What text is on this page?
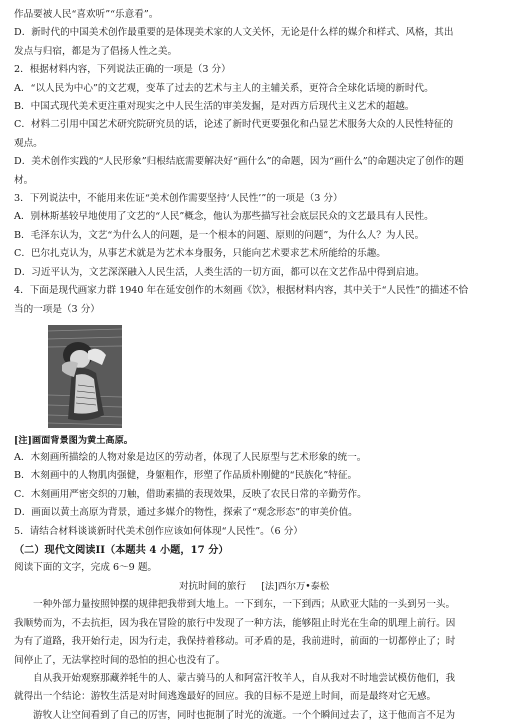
作品要被人民“喜欢听”“乐意看”。
D．新时代的中国美术创作最重要的是体现美术家的人文关怀，无论是什么样的媒介和样式、风格，其出
发点与归宿，都是为了倡扬人性之美。
2．根据材料内容，下列说法正确的一项是（3 分）
A．“以人民为中心”的文艺观，变革了过去的艺术与主人的主辅关系，更符合全球化话境的新时代。
B．中国式现代美术更注重对现实之中人民生活的审美发掘，是对西方后现代主义艺术的超越。
C．材料二引用中国艺术研究院研究员的话，论述了新时代更要强化和凸显艺术服务大众的人民性特征的
观点。
D．美术创作实践的“人民形象”归根结底需要解决好“画什么”的命题，因为“画什么”的命题决定了创作的题
材。
3．下列说法中，不能用来佐证“美术创作需要坚持‘人民性’”的一项是（3 分）
A．别林斯基较早地使用了文艺的“人民”概念，他认为那些描写社会底层民众的文艺最具有人民性。
B．毛泽东认为，文艺“为什么人的问题，是一个根本的问题、原则的问题”，为什么人？为人民。
C．巴尔扎克认为，从事艺术就是为艺术本身服务，只能向艺术要求艺术所能给的乐趣。
D．习近平认为，文艺深深融入人民生活，人类生活的一切方面，都可以在文艺作品中得到启迪。
4．下面是现代画家力群 1940 年在延安创作的木刻画《饮》，根据材料内容，其中关于“人民性”的描述不恰
当的一项是（3 分）
[注]画面背景图为黄土高原。
A．木刻画所描绘的人物对象是边区的劳动者，体现了人民原型与艺术形象的统一。
B．木刻画中的人物肌肉强健，身躯粗作，形塑了作品质朴刚健的“民族化”特征。
C．木刻画用严密交织的刀触，借助素描的表现效果，反映了农民日常的辛勤劳作。
D．画面以黄土高原为背景，通过多媒介的物性，探索了“观念形态”的审美价值。
5．请结合材料谈谈新时代美术创作应该如何体现“人民性”。（6 分）
（二）现代文阅读II（本题共 4 小题，17 分）
阅读下面的文字，完成 6～9 题。
对抗时间的旅行 [法]西尔万•泰松
一种外部力量按照钟摆的规律把我带到大地上。一下到东，一下到西；从欧亚大陆的一头到另一头。
我顺势而为，不去抗拒，因为我在冒险的旅行中发现了一种方法，能够阻止时光在生命的肌理上前行。因
为有了道路，我开始行走，因为行走，我保持着移动。可矛盾的是，我前进时，前面的一切都停止了；时
间停止了，无法掌控时间的恐怕的担心也没有了。
自从我开始观察那藏养牦牛的人、蒙古骑马的人和阿富汗牧羊人，自从我对不时地尝试模仿他们，我
就得出一个结论：游牧生活是对时间逃逸最好的回应。我的目标不是逆上时间，而是最终对它无感。
游牧人让空间看到了自己的厉害，同时也扼制了时光的流逝。一个个瞬间过去了，这于他而言不足为
